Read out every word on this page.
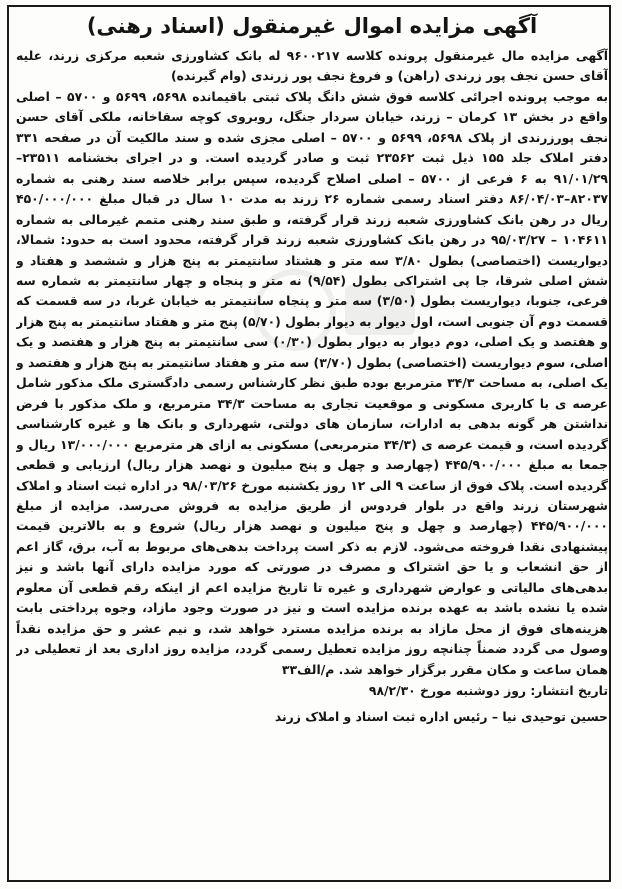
آگهی مزایده اموال غیرمنقول (اسناد رهنی)

آگهی مزایده مال غیرمنقول پرونده کلاسه ۹۶۰۰۲۱۷ له بانک کشاورزی شعبه مرکزی زرند، علیه آقای حسن نجف پور زرندی (راهن) و فروغ نجف پور زرندی (وام گیرنده)

به موجب پرونده اجرائی کلاسه فوق شش دانگ پلاک ثبتی باقیمانده ۵۶۹۸، ۵۶۹۹ و ۵۷۰۰ – اصلی واقع در بخش ۱۳ کرمان – زرند، خیابان سردار جنگل، روبروی کوچه سقاخانه، ملکی آقای حسن نجف پورزرندی از پلاک ۵۶۹۸، ۵۶۹۹ و ۵۷۰۰ – اصلی مجزی شده و سند مالکیت آن در صفحه ۳۳۱ دفتر املاک جلد ۱۵۵ ذیل ثبت ۲۳۵۶۲ ثبت و صادر گردیده است. و در اجرای بخشنامه ۲۳۵۱۱–۹۱/۰۱/۲۹ به ۶ فرعی از ۵۷۰۰ – اصلی اصلاح گردیده، سپس برابر خلاصه سند رهنی به شماره ۸۲۰۳۷–۸۶/۰۴/۰۳ دفتر اسناد رسمی شماره ۲۶ زرند به مدت ۱۰ سال در قبال مبلغ ۴۵۰/۰۰۰/۰۰۰ ریال در رهن بانک کشاورزی شعبه زرند قرار گرفته، و طبق سند رهنی متمم غیرمالی به شماره ۱۰۴۶۱۱ – ۹۵/۰۳/۲۷ در رهن بانک کشاورزی شعبه زرند قرار گرفته، محدود است به حدود: شمالا، دیواریست (اختصاصی) بطول ۳/۸۰ سه متر و هشتاد سانتیمتر به پنج هزار و ششصد و هفتاد و شش اصلی شرقا، جا پی اشتراکی بطول (۹/۵۴) نه متر و پنجاه و چهار سانتیمتر به شماره سه فرعی، جنوبا، دیواریست بطول (۳/۵۰) سه متر و پنجاه سانتیمتر به خیابان غربا، در سه قسمت که قسمت دوم آن جنوبی است، اول دیوار به دیوار بطول (۵/۷۰) پنج متر و هفتاد سانتیمتر به پنج هزار و هفتصد و یک اصلی، دوم دیوار به دیوار بطول (۰/۳۰) سی سانتیمتر به پنج هزار و هفتصد و یک اصلی، سوم دیواریست (اختصاصی) بطول (۳/۷۰) سه متر و هفتاد سانتیمتر به پنج هزار و هفتصد و یک اصلی، به مساحت ۳۴/۳ مترمربع بوده طبق نظر کارشناس رسمی دادگستری ملک مذکور شامل عرصه ی با کاربری مسکونی و موقعیت تجاری به مساحت ۳۴/۳ مترمربع، و ملک مذکور با فرض نداشتن هر گونه بدهی به ادارات، سازمان های دولتی، شهرداری و بانک ها و غیره کارشناسی گردیده است، و قیمت عرصه ی (۳۴/۳ مترمربعی) مسکونی به ازای هر مترمربع ۱۳/۰۰۰/۰۰۰ ریال و جمعا به مبلغ ۴۴۵/۹۰۰/۰۰۰ (چهارصد و چهل و پنج میلیون و نهصد هزار ریال) ارزیابی و قطعی گردیده است. پلاک فوق از ساعت ۹ الی ۱۲ روز یکشنبه مورخ ۹۸/۰۳/۲۶ در اداره ثبت اسناد و املاک شهرستان زرند واقع در بلوار فردوس از طریق مزایده به فروش می‌رسد. مزایده از مبلغ ۴۴۵/۹۰۰/۰۰۰ (چهارصد و چهل و پنج میلیون و نهصد هزار ریال) شروع و به بالاترین قیمت پیشنهادی نقدا فروخته می‌شود. لازم به ذکر است پرداخت بدهی‌های مربوط به آب، برق، گاز اعم از حق انشعاب و یا حق اشتراک و مصرف در صورتی که مورد مزایده دارای آنها باشد و نیز بدهی‌های مالیاتی و عوارض شهرداری و غیره تا تاریخ مزایده اعم از اینکه رقم قطعی آن معلوم شده یا نشده باشد به عهده برنده مزایده است و نیز در صورت وجود مازاد، وجوه پرداختی بابت هزینه‌های فوق از محل مازاد به برنده مزایده مسترد خواهد شد، و نیم عشر و حق مزایده نقداً وصول می گردد ضمناً چنانچه روز مزایده تعطیل رسمی گردد، مزایده روز اداری بعد از تعطیلی در همان ساعت و مکان مقرر برگزار خواهد شد. م/الف۳۳

تاریخ انتشار: روز دوشنبه مورخ ۹۸/۲/۳۰
حسین توحیدی نیا – رئیس اداره ثبت اسناد و املاک زرند
